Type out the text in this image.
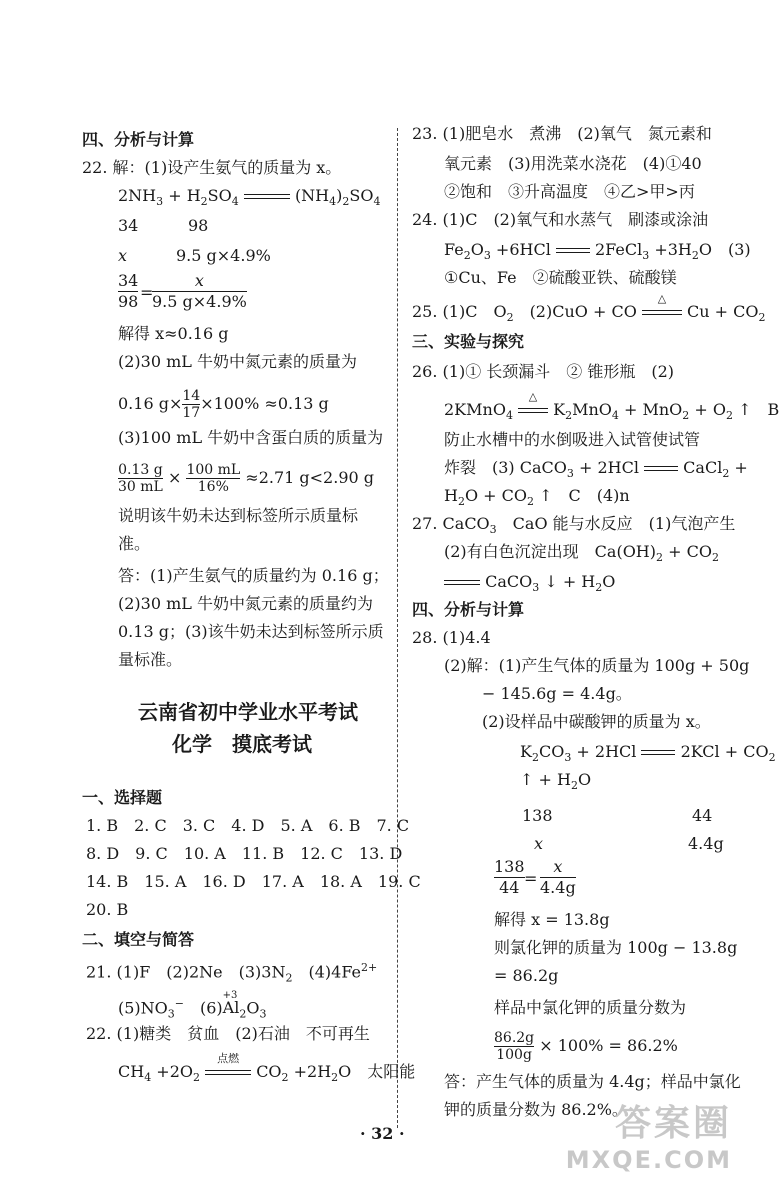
四、分析与计算
22. 解：(1)设产生氨气的质量为 x。
$2NH_3 + H_2SO_4$	$(NH_4)_2SO_4$
34	98
x	9.5 g×4.9%
34
98 =
x
9.5 g×4.9%
解得 x≈0.16 g
(2)30 mL 牛奶中氮元素的质量为
0.16 $g\times \frac{14}{17} \times 100\% \approx 0.13$ g
(3)100 mL 牛奶中含蛋白质的质量为
$\frac{0.13 g}{30 mL} \times \frac{100 mL}{16\%} \approx 2.71$ g<2.90 g
说明该牛奶未达到标签所示质量标
准。
答：(1)产生氨气的质量约为 0.16 g；
(2)30 mL 牛奶中氮元素的质量约为
0.13 g；(3)该牛奶未达到标签所示质
量标准。
云南省初中学业水平考试
化学　摸底考试
一、选择题
1. B　2. C　3. C　4. D　5. A　6. B　7. C
8. D　9. C　10. A　11. B　12. C　13. D
14. B　15. A　16. D　17. A　18. A　19. C
20. B
二、填空与简答
21. (1)F　(2)2Ne　$(3)3N_2$　$(4)4Fe^{2+}$
$(5)NO_3^-$　(6)
+3
$Al_2O_3$
22. (1)糖类　贫血　(2)石油　不可再生
$CH_4 +2O_2$
点燃
$CO_2 +2H_2O$　太阳能
23. (1)肥皂水　煮沸　(2)氧气　氮元素和
氧元素　(3)用洗菜水浇花　(4)①40
②饱和　③升高温度　④乙>甲>丙
24. (1)C　(2)氧气和水蒸气　刷漆或涂油
$Fe_2O_3 +6HCl$	2FeCl$_3$ $+3H_2O$　(3)
①Cu、Fe　②硫酸亚铁、硫酸镁
25. (1)C　$O_2$　(2)CuO + CO
△
$Cu + CO_2$
三、实验与探究
26. (1)① 长颈漏斗　② 锥形瓶　(2)
2KMnO$_4$
△
$K_2MnO_4 + MnO_2 + O_2$ ↑　B
防止水槽中的水倒吸进入试管使试管
炸裂　(3) CaCO$_3$ + 2HCl	CaCl$_2$ +
$H_2O + CO_2$ ↑　C　(4)n
27. CaCO$_3$　CaO 能与水反应　(1)气泡产生
(2)有白色沉淀出现　$Ca(OH)_2 + CO_2$
CaCO$_3$ ↓ + $H_2O$
四、分析与计算
28. (1)4.4
(2)解：(1)产生气体的质量为 100g + 50g
− 145.6g = 4.4g。
(2)设样品中碳酸钾的质量为 x。
$K_2CO_3 + 2HCl$	$2KCl + CO_2$
↑ + $H_2O$
138	44
x	4.4g
138
44 =
x
4.4g
解得 x = 13.8g
则氯化钾的质量为 100g − 13.8g
= 86.2g
样品中氯化钾的质量分数为
$\frac{86.2g}{100g} \times 100\% = 86.2\%$
答：产生气体的质量为 4.4g；样品中氯化
钾的质量分数为 86.2%。
· 32 ·	答案圈
MXQE.COM
